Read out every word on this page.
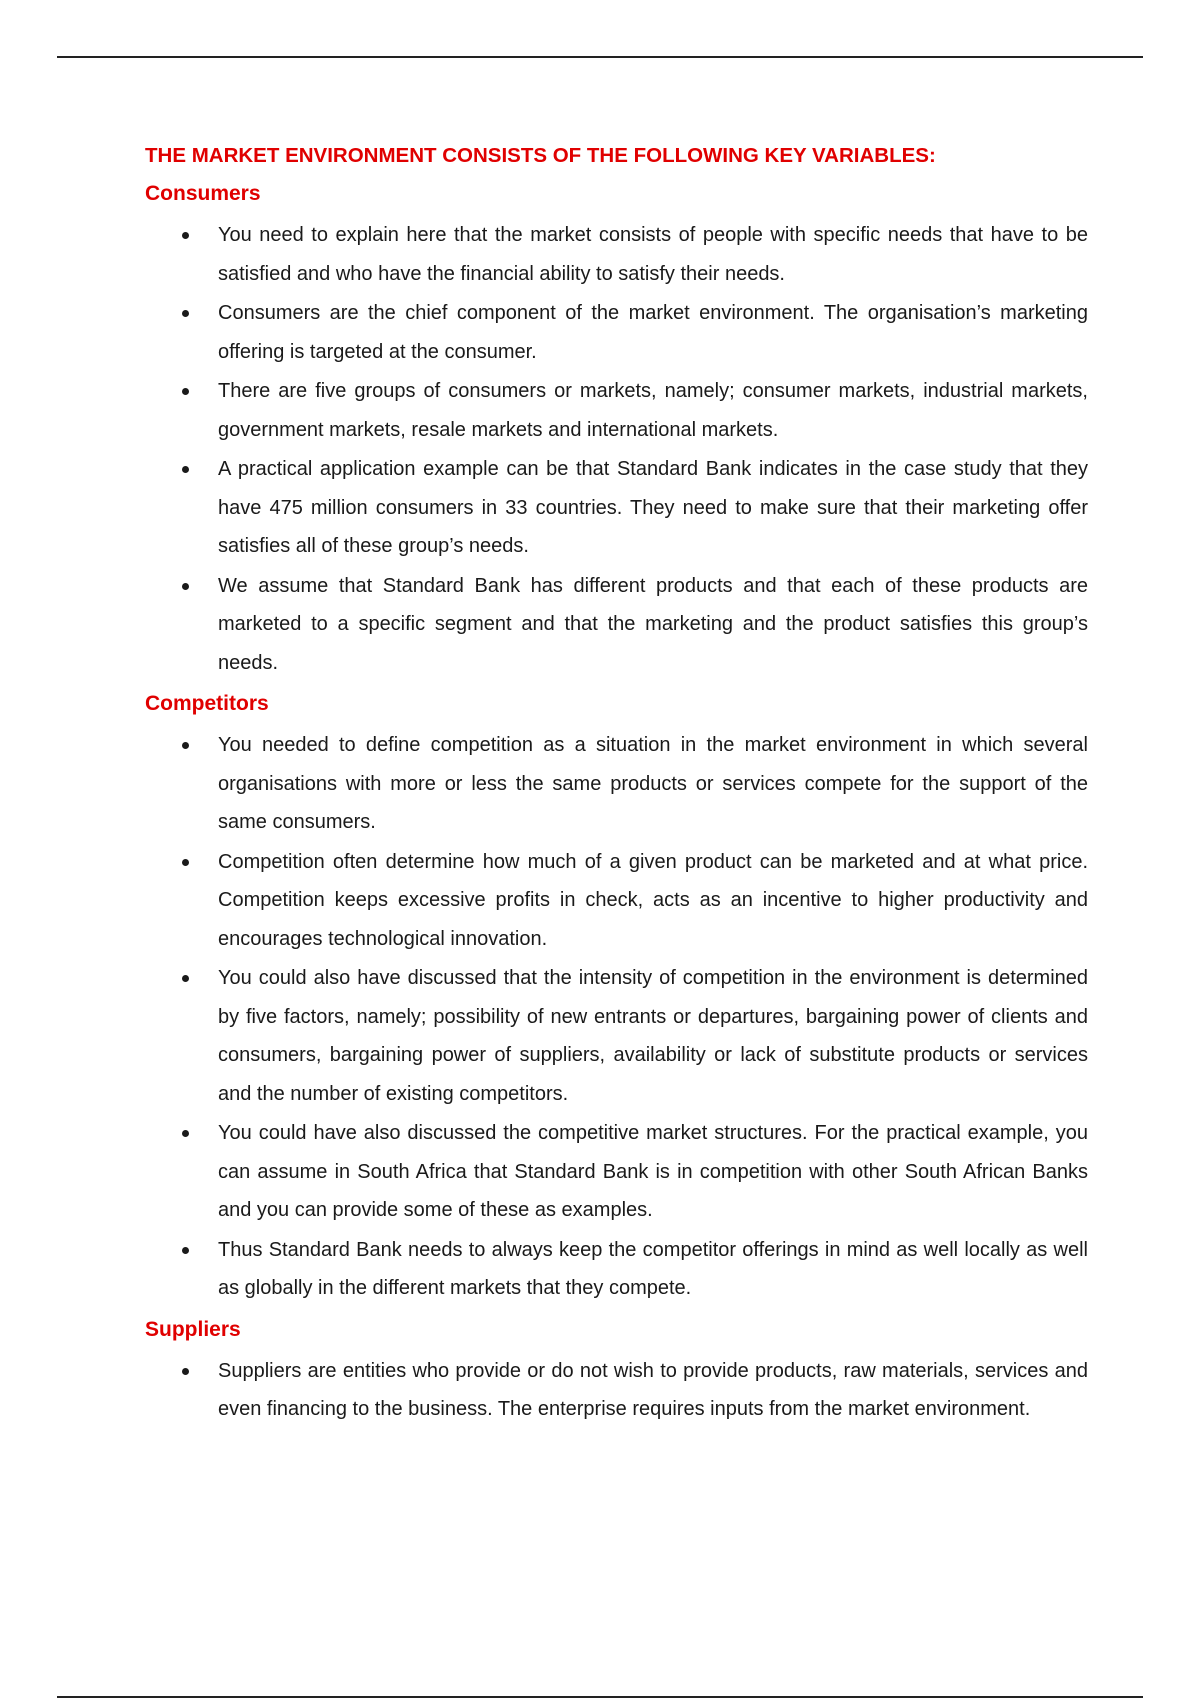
THE MARKET ENVIRONMENT CONSISTS OF THE FOLLOWING KEY VARIABLES:
Consumers
You need to explain here that the market consists of people with specific needs that have to be satisfied and who have the financial ability to satisfy their needs.
Consumers are the chief component of the market environment. The organisation’s marketing offering is targeted at the consumer.
There are five groups of consumers or markets, namely; consumer markets, industrial markets, government markets, resale markets and international markets.
A practical application example can be that Standard Bank indicates in the case study that they have 475 million consumers in 33 countries. They need to make sure that their marketing offer satisfies all of these group’s needs.
We assume that Standard Bank has different products and that each of these products are marketed to a specific segment and that the marketing and the product satisfies this group’s needs.
Competitors
You needed to define competition as a situation in the market environment in which several organisations with more or less the same products or services compete for the support of the same consumers.
Competition often determine how much of a given product can be marketed and at what price. Competition keeps excessive profits in check, acts as an incentive to higher productivity and encourages technological innovation.
You could also have discussed that the intensity of competition in the environment is determined by five factors, namely; possibility of new entrants or departures, bargaining power of clients and consumers, bargaining power of suppliers, availability or lack of substitute products or services and the number of existing competitors.
You could have also discussed the competitive market structures. For the practical example, you can assume in South Africa that Standard Bank is in competition with other South African Banks and you can provide some of these as examples.
Thus Standard Bank needs to always keep the competitor offerings in mind as well locally as well as globally in the different markets that they compete.
Suppliers
Suppliers are entities who provide or do not wish to provide products, raw materials, services and even financing to the business. The enterprise requires inputs from the market environment.
